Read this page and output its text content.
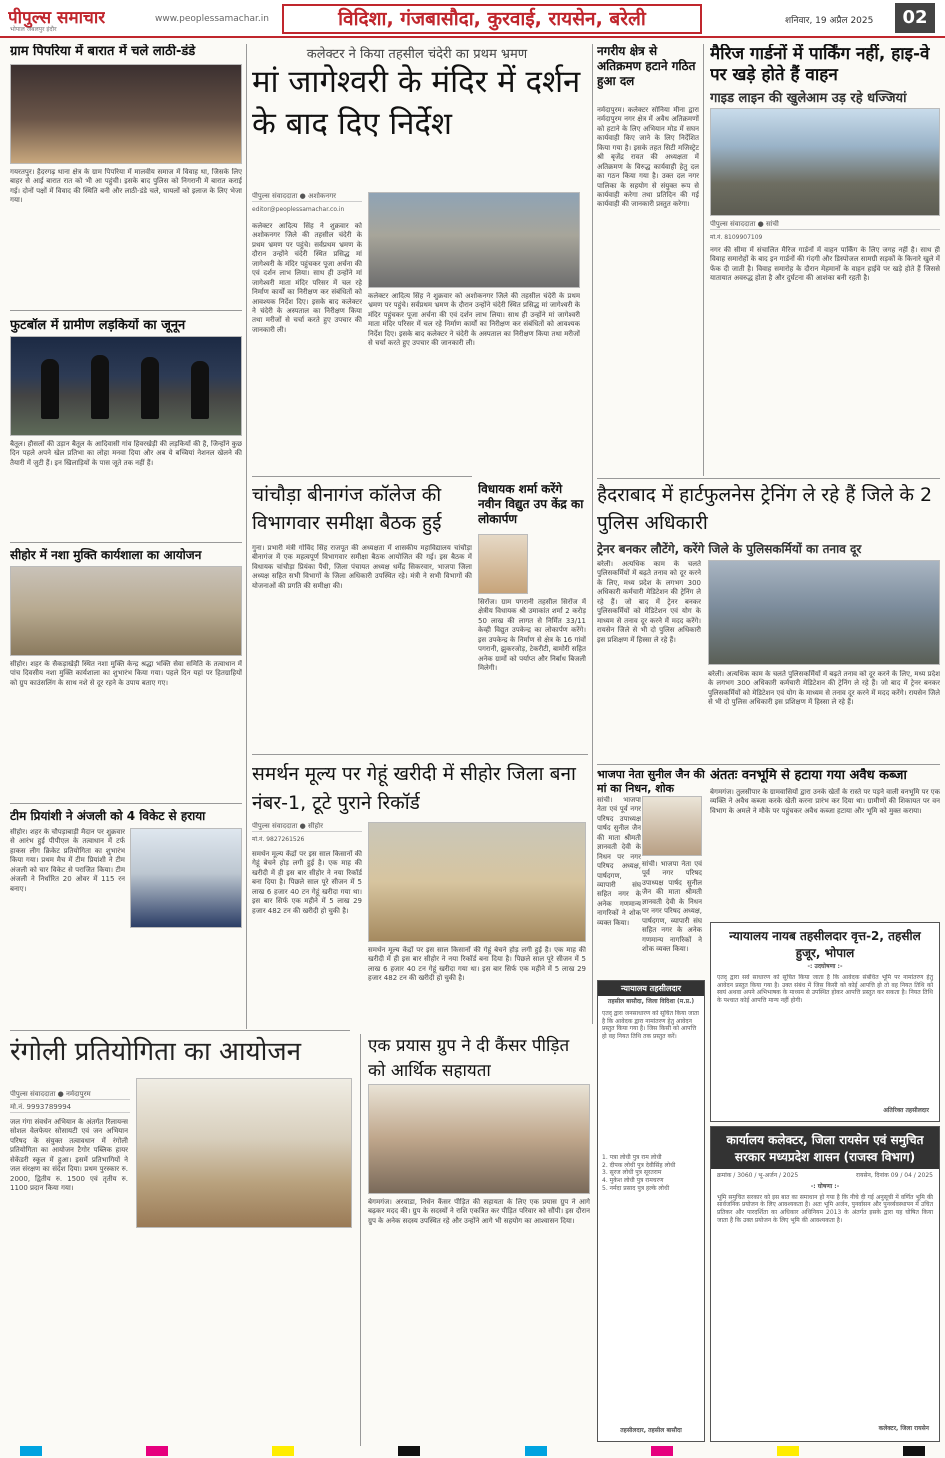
पीपुल्स समाचार
भोपाल जबलपुर इंदौर
www.peoplessamachar.in	विदिशा, गंजबासौदा, कुरवाई, रायसेन, बरेली	शनिवार, 19 अप्रैल 2025	02
ग्राम पिपरिया में बारात में चले लाठी-डंडे
गयरतपुर। हैदरगढ़ थाना क्षेत्र के ग्राम पिपरिया में मालवीय समाज में विवाह था, जिसके लिए बाहर से आई बारात रात को भी आ पहुंची। इसके बाद पुलिस को निगरानी में बारात कराई गई। दोनों पक्षों में विवाद की स्थिति बनी और लाठी-डंडे चले, घायलों को इलाज के लिए भेजा गया।
फुटबॉल में ग्रामीण लड़कियों का जूनून
बैतूल। हौसलों की उड़ान बैतूल के आदिवासी गांव हिवरखेड़ी की लड़कियों की है, जिन्होंने कुछ दिन पहले अपने खेल प्रतिभा का लोहा मनवा दिया और अब ये बच्चियां नेशनल खेलने की तैयारी में जुटी हैं। इन खिलाड़ियों के पास जूते तक नहीं हैं।
सीहोर में नशा मुक्ति कार्यशाला का आयोजन
सीहोर। शहर के सैकड़ाखेड़ी स्थित नशा मुक्ति केन्द्र श्रद्धा भक्ति सेवा समिति के तत्वाधान में पांच दिवसीय नशा मुक्ति कार्यशाला का शुभारंभ किया गया। पहले दिन यहां पर हितग्राहियों को ग्रुप काउंसलिंग के साथ नशे से दूर रहने के उपाय बताए गए।
टीम प्रियांशी ने अंजली को 4 विकेट से हराया
सीहोर। शहर के चौपड़ाबाड़ी मैदान पर शुक्रवार से आरंभ हुई पीपीएल के तत्वाधान में टर्फ हाकस लीग क्रिकेट प्रतियोगिता का शुभारंभ किया गया। प्रथम मैच में टीम प्रियांशी ने टीम अंजली को चार विकेट से पराजित किया। टीम अंजली ने निर्धारित 20 ओवर में 115 रन बनाए।
रंगोली प्रतियोगिता का आयोजन
पीपुल्स संवाददाता ● नर्मदापुरम
मो.नं. 9993789994
जल गंगा संवर्धन अभियान के अंतर्गत रिलायन्स सोशल वेलफेयर सोसायटी एवं जन अभियान परिषद के संयुक्त तत्वावधान में रंगोली प्रतियोगिता का आयोजन टैगोर पब्लिक हायर सेकेंडरी स्कूल में हुआ। इसमें प्रतिभागियों ने जल संरक्षण का संदेश दिया। प्रथम पुरस्कार रु. 2000, द्वितीय रु. 1500 एवं तृतीय रु. 1100 प्रदान किया गया।
कलेक्टर ने किया तहसील चंदेरी का प्रथम भ्रमण
मां जागेश्वरी के मंदिर में दर्शन के बाद दिए निर्देश
पीपुल्स संवाददाता ● अशोकनगर
editor@peoplessamachar.co.in
कलेक्टर आदित्य सिंह ने शुक्रवार को अशोकनगर जिले की तहसील चंदेरी के प्रथम भ्रमण पर पहुंचे। सर्वप्रथम भ्रमण के दौरान उन्होंने चंदेरी स्थित प्रसिद्ध मां जागेश्वरी के मंदिर पहुंचकर पूजा अर्चना की एवं दर्शन लाभ लिया। साथ ही उन्होंने मां जागेश्वरी माता मंदिर परिसर में चल रहे निर्माण कार्यों का निरीक्षण कर संबंधितों को आवश्यक निर्देश दिए। इसके बाद कलेक्टर ने चंदेरी के अस्पताल का निरीक्षण किया तथा मरीजों से चर्चा करते हुए उपचार की जानकारी ली।
कलेक्टर आदित्य सिंह ने शुक्रवार को अशोकनगर जिले की तहसील चंदेरी के प्रथम भ्रमण पर पहुंचे। सर्वप्रथम भ्रमण के दौरान उन्होंने चंदेरी स्थित प्रसिद्ध मां जागेश्वरी के मंदिर पहुंचकर पूजा अर्चना की एवं दर्शन लाभ लिया। साथ ही उन्होंने मां जागेश्वरी माता मंदिर परिसर में चल रहे निर्माण कार्यों का निरीक्षण कर संबंधितों को आवश्यक निर्देश दिए। इसके बाद कलेक्टर ने चंदेरी के अस्पताल का निरीक्षण किया तथा मरीजों से चर्चा करते हुए उपचार की जानकारी ली।
चांचौड़ा बीनागंज कॉलेज की विभागवार समीक्षा बैठक हुई
गुना। प्रभारी मंत्री गोविंद सिंह राजपूत की अध्यक्षता में शासकीय महाविद्यालय चांचौड़ा बीनागंज में एक महत्वपूर्ण विभागवार समीक्षा बैठक आयोजित की गई। इस बैठक में विधायक चांचौड़ा प्रियंका पैंची, जिला पंचायत अध्यक्ष धर्मेंद्र सिकरवार, भाजपा जिला अध्यक्ष सहित सभी विभागों के जिला अधिकारी उपस्थित रहे। मंत्री ने सभी विभागों की योजनाओं की प्रगति की समीक्षा की।
विधायक शर्मा करेंगे नवीन विद्युत उप केंद्र का लोकार्पण
सिरोंज। ग्राम पगरानी तहसील सिरोंज में क्षेत्रीय विधायक श्री उमाकांत शर्मा 2 करोड़ 50 लाख की लागत से निर्मित 33/11 केव्ही विद्युत उपकेन्द्र का लोकार्पण करेंगे। इस उपकेन्द्र के निर्माण से क्षेत्र के 16 गांवों पगरानी, झुकरजोड़, टेकरीटी, बामोरी सहित अनेक ग्रामों को पर्याप्त और निर्बाध बिजली मिलेगी।
समर्थन मूल्य पर गेहूं खरीदी में सीहोर जिला बना नंबर-1, टूटे पुराने रिकॉर्ड
पीपुल्स संवाददाता ● सीहोर
मो.नं. 9827261526
समर्थन मूल्य केंद्रों पर इस साल किसानों की गेहूं बेचने होड़ लगी हुई है। एक माह की खरीदी में ही इस बार सीहोर ने नया रिकॉर्ड बना दिया है। पिछले साल पूरे सीजन में 5 लाख 6 हजार 40 टन गेहूं खरीदा गया था। इस बार सिर्फ एक महीने में 5 लाख 29 हजार 482 टन की खरीदी हो चुकी है।
समर्थन मूल्य केंद्रों पर इस साल किसानों की गेहूं बेचने होड़ लगी हुई है। एक माह की खरीदी में ही इस बार सीहोर ने नया रिकॉर्ड बना दिया है। पिछले साल पूरे सीजन में 5 लाख 6 हजार 40 टन गेहूं खरीदा गया था। इस बार सिर्फ एक महीने में 5 लाख 29 हजार 482 टन की खरीदी हो चुकी है।
एक प्रयास ग्रुप ने दी कैंसर पीड़ित को आर्थिक सहायता
बेगमगंज। अरवाडा, निर्धन कैंसर पीड़ित की सहायता के लिए एक प्रयास ग्रुप ने आगे बढ़कर मदद की। ग्रुप के सदस्यों ने राशि एकत्रित कर पीड़ित परिवार को सौंपी। इस दौरान ग्रुप के अनेक सदस्य उपस्थित रहे और उन्होंने आगे भी सहयोग का आश्वासन दिया।
नगरीय क्षेत्र से अतिक्रमण हटाने गठित हुआ दल
नर्मदापुरम। कलेक्टर सोनिया मीना द्वारा नर्मदापुरम नगर क्षेत्र में अवैध अतिक्रमणों को हटाने के लिए अभियान मोड में सघन कार्यवाही किए जाने के लिए निर्देशित किया गया है। इसके तहत सिटी मजिस्ट्रेट श्री बृजेंद्र रावत की अध्यक्षता में अतिक्रमण के विरुद्ध कार्यवाही हेतु दल का गठन किया गया है। उक्त दल नगर पालिका के सहयोग से संयुक्त रूप से कार्यवाही करेगा तथा प्रतिदिन की गई कार्यवाही की जानकारी प्रस्तुत करेगा।
मैरिज गार्डनों में पार्किंग नहीं, हाइ-वे पर खड़े होते हैं वाहन
गाइड लाइन की खुलेआम उड़ रहे धज्जियां
पीपुल्स संवाददाता ● सांची
मो.नं. 8109907109
नगर की सीमा में संचालित मैरिज गार्डनों में वाहन पार्किंग के लिए जगह नहीं है। साथ ही विवाह समारोहों के बाद इन गार्डनों की गंदगी और डिस्पोजल सामग्री सड़कों के किनारे खुले में फेंक दी जाती है। विवाह समारोह के दौरान मेहमानों के वाहन हाईवे पर खड़े होते हैं जिससे यातायात अवरुद्ध होता है और दुर्घटना की आशंका बनी रहती है।
हैदराबाद में हार्टफुलनेस ट्रेनिंग ले रहे हैं जिले के 2 पुलिस अधिकारी
ट्रेनर बनकर लौटेंगे, करेंगे जिले के पुलिसकर्मियों का तनाव दूर
बरेली। अत्यधिक काम के चलते पुलिसकर्मियों में बढ़ते तनाव को दूर करने के लिए, मध्य प्रदेश के लगभग 300 अधिकारी कर्मचारी मेडिटेशन की ट्रेनिंग ले रहे हैं। जो बाद में ट्रेनर बनकर पुलिसकर्मियों को मेडिटेशन एवं योग के माध्यम से तनाव दूर करने में मदद करेंगे। रायसेन जिले से भी दो पुलिस अधिकारी इस प्रशिक्षण में हिस्सा ले रहे हैं।
बरेली। अत्यधिक काम के चलते पुलिसकर्मियों में बढ़ते तनाव को दूर करने के लिए, मध्य प्रदेश के लगभग 300 अधिकारी कर्मचारी मेडिटेशन की ट्रेनिंग ले रहे हैं। जो बाद में ट्रेनर बनकर पुलिसकर्मियों को मेडिटेशन एवं योग के माध्यम से तनाव दूर करने में मदद करेंगे। रायसेन जिले से भी दो पुलिस अधिकारी इस प्रशिक्षण में हिस्सा ले रहे हैं।
भाजपा नेता सुनील जैन की मां का निधन, शोक
सांची। भाजपा नेता एवं पूर्व नगर परिषद उपाध्यक्ष पार्षद सुनील जैन की माता श्रीमती ज्ञानवती देवी के निधन पर नगर परिषद अध्यक्ष, पार्षदगण, व्यापारी संघ सहित नगर के अनेक गणमान्य नागरिकों ने शोक व्यक्त किया।
सांची। भाजपा नेता एवं पूर्व नगर परिषद उपाध्यक्ष पार्षद सुनील जैन की माता श्रीमती ज्ञानवती देवी के निधन पर नगर परिषद अध्यक्ष, पार्षदगण, व्यापारी संघ सहित नगर के अनेक गणमान्य नागरिकों ने शोक व्यक्त किया।
अंततः वनभूमि से हटाया गया अवैध कब्जा
बेगमगंज। तुलसीपार के ग्रामवासियों द्वारा उनके खेतों के रास्ते पर पड़ने वाली वनभूमि पर एक व्यक्ति ने अवैध कब्जा करके खेती करना प्रारंभ कर दिया था। ग्रामीणों की शिकायत पर वन विभाग के अमले ने मौके पर पहुंचकर अवैध कब्जा हटाया और भूमि को मुक्त कराया।
न्यायालय तहसीलदार
तहसील बासौदा, जिला विदिशा (म.प्र.)
एतद् द्वारा जनसाधारण को सूचित किया जाता है कि आवेदक द्वारा नामांतरण हेतु आवेदन प्रस्तुत किया गया है। जिस किसी को आपत्ति हो वह नियत तिथि तक प्रस्तुत करें।
1. पत्रा लोधी पुत्र राम लोधी
2. दीपक लोधी पुत्र देवीसिंह लोधी
3. सुरज लोधी पुत्र सूरतराम
4. मुकेश लोधी पुत्र रामचरण
5. नर्मदा प्रसाद पुत्र हल्के लोधी
तहसीलदार, तहसील बासौदा
न्यायालय नायब तहसीलदार वृत्त-2, तहसील हुजूर, भोपाल
-: उदघोषणा :-
एतद् द्वारा सर्व साधारण को सूचित किया जाता है कि आवेदक संबंधित भूमि पर नामांतरण हेतु आवेदन प्रस्तुत किया गया है। उक्त संबंध में जिस किसी को कोई आपत्ति हो तो वह नियत तिथि को स्वयं अथवा अपने अभिभाषक के माध्यम से उपस्थित होकर आपत्ति प्रस्तुत कर सकता है। नियत तिथि के पश्चात कोई आपत्ति मान्य नहीं होगी।
अतिरिक्त तहसीलदार
कार्यालय कलेक्टर, जिला रायसेन एवं समुचित सरकार मध्यप्रदेश शासन (राजस्व विभाग)
क्रमांक / 3060 / भू-अर्जन / 2025	रायसेन, दिनांक 09 / 04 / 2025
-: घोषणा :-
भूमि समुचित सरकार को इस बात का समाधान हो गया है कि नीचे दी गई अनुसूची में वर्णित भूमि की सार्वजनिक प्रयोजन के लिए आवश्यकता है। अतः भूमि अर्जन, पुनर्वासन और पुनर्व्यवस्थापन में उचित प्रतिकर और पारदर्शिता का अधिकार अधिनियम 2013 के अंतर्गत इसके द्वारा यह घोषित किया जाता है कि उक्त प्रयोजन के लिए भूमि की आवश्यकता है।
कलेक्टर, जिला रायसेन
